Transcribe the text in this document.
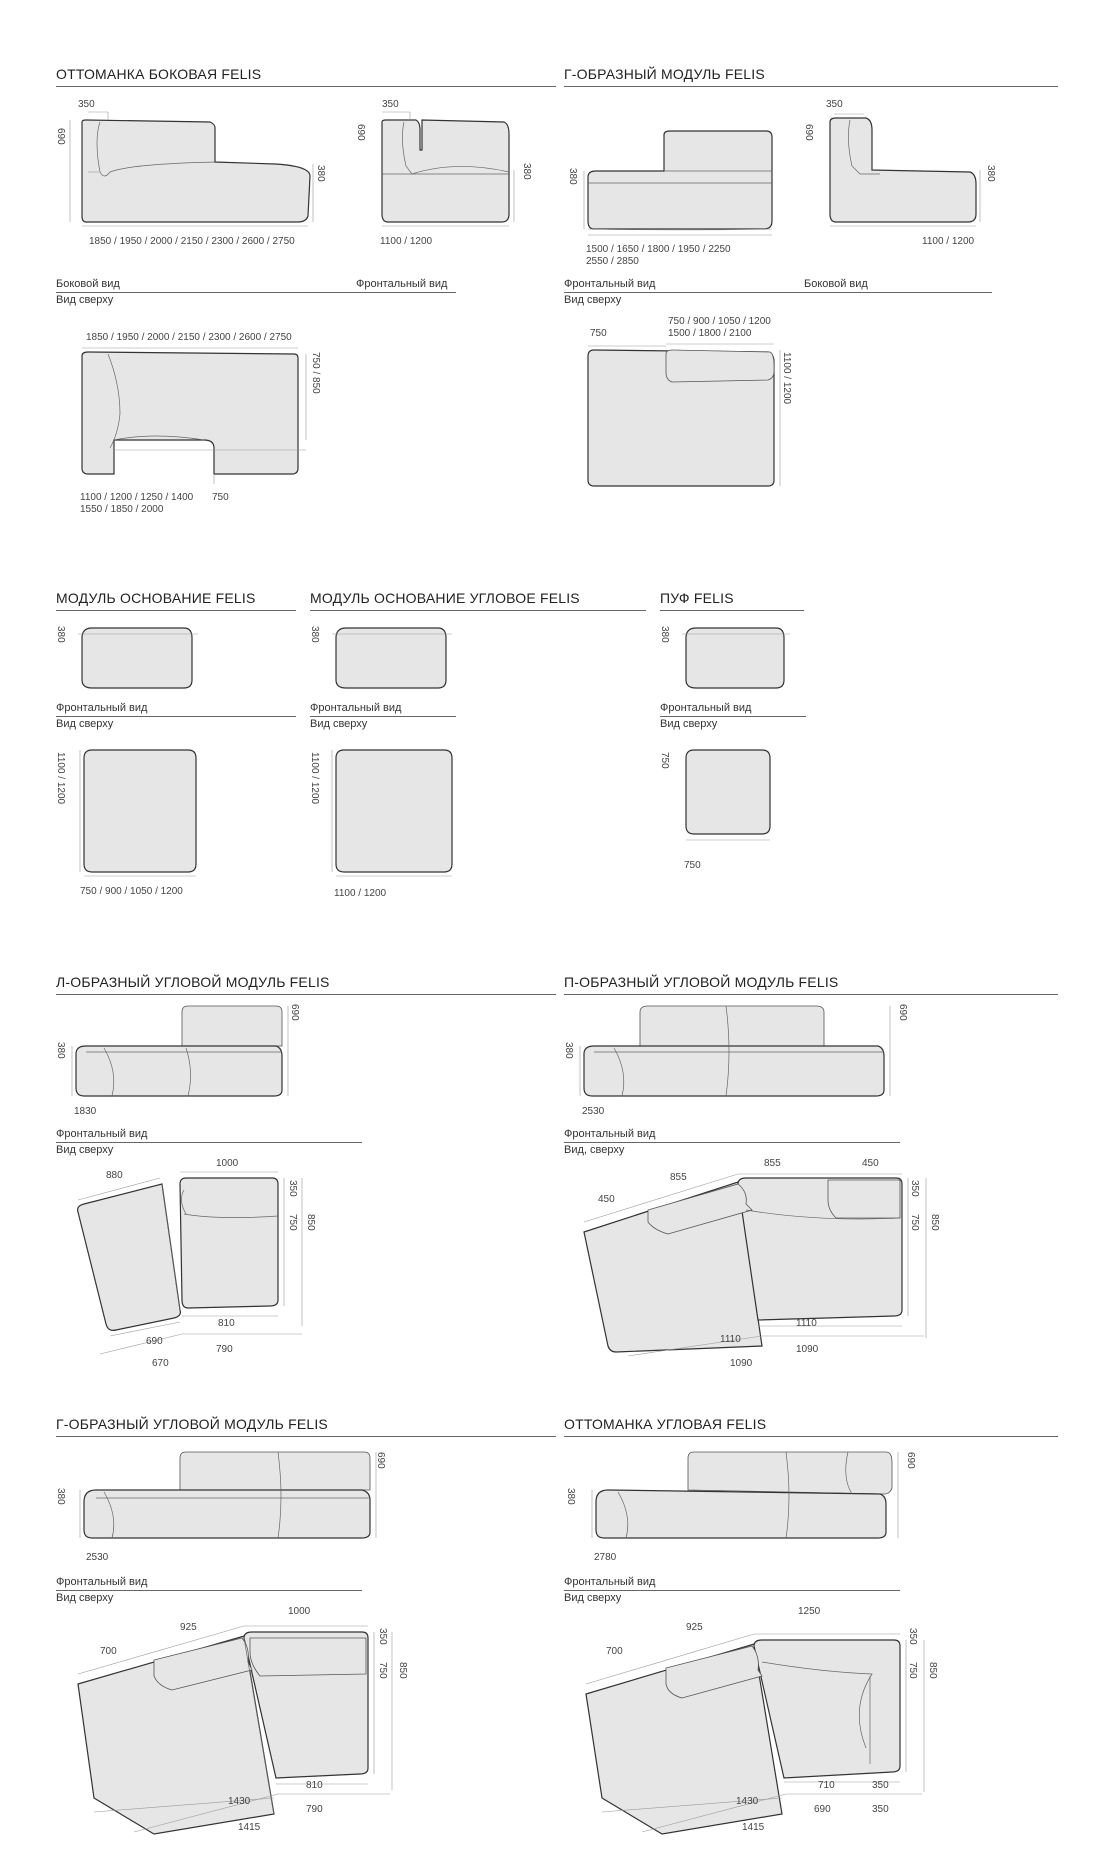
ОТТОМАНКА БОКОВАЯ FELIS
350
690
380
1850 / 1950 / 2000 / 2150 / 2300 / 2600 / 2750
350
690
380
1100 / 1200
Боковой вид	Фронтальный вид
Вид сверху
1850 / 1950 / 2000 / 2150 / 2300 / 2600 / 2750
750 / 850
1100 / 1200 / 1250 / 1400
1550 / 1850 / 2000
750
Г-ОБРАЗНЫЙ МОДУЛЬ FELIS
380
1500 / 1650 / 1800 / 1950 / 2250
2550 / 2850
350
690
380
1100 / 1200
Фронтальный вид	Боковой вид
Вид сверху
750
750 / 900 / 1050 / 1200
1500 / 1800 / 2100
1100 / 1200
МОДУЛЬ ОСНОВАНИЕ FELIS
380
Фронтальный вид
Вид сверху
1100 / 1200
750 / 900 / 1050 / 1200
МОДУЛЬ ОСНОВАНИЕ УГЛОВОЕ FELIS
380
Фронтальный вид
Вид сверху
1100 / 1200
1100 / 1200
ПУФ FELIS
380
Фронтальный вид
Вид сверху
750
750
Л-ОБРАЗНЫЙ УГЛОВОЙ МОДУЛЬ FELIS
380
690
1830
Фронтальный вид
Вид сверху
880
1000
350
750 850
810
690
790
670
П-ОБРАЗНЫЙ УГЛОВОЙ МОДУЛЬ FELIS
380
690
2530
Фронтальный вид
Вид, сверху
450
855
855	450
350
750 850
1110
1110
1090
1090
Г-ОБРАЗНЫЙ УГЛОВОЙ МОДУЛЬ FELIS
380
690
2530
Фронтальный вид
Вид сверху
700
925
1000
350
750 850
810
1430
790
1415
ОТТОМАНКА УГЛОВАЯ FELIS
380
690
2780
Фронтальный вид
Вид сверху
700
925
1250
350
750 850
710	350
1430
690	350
1415
